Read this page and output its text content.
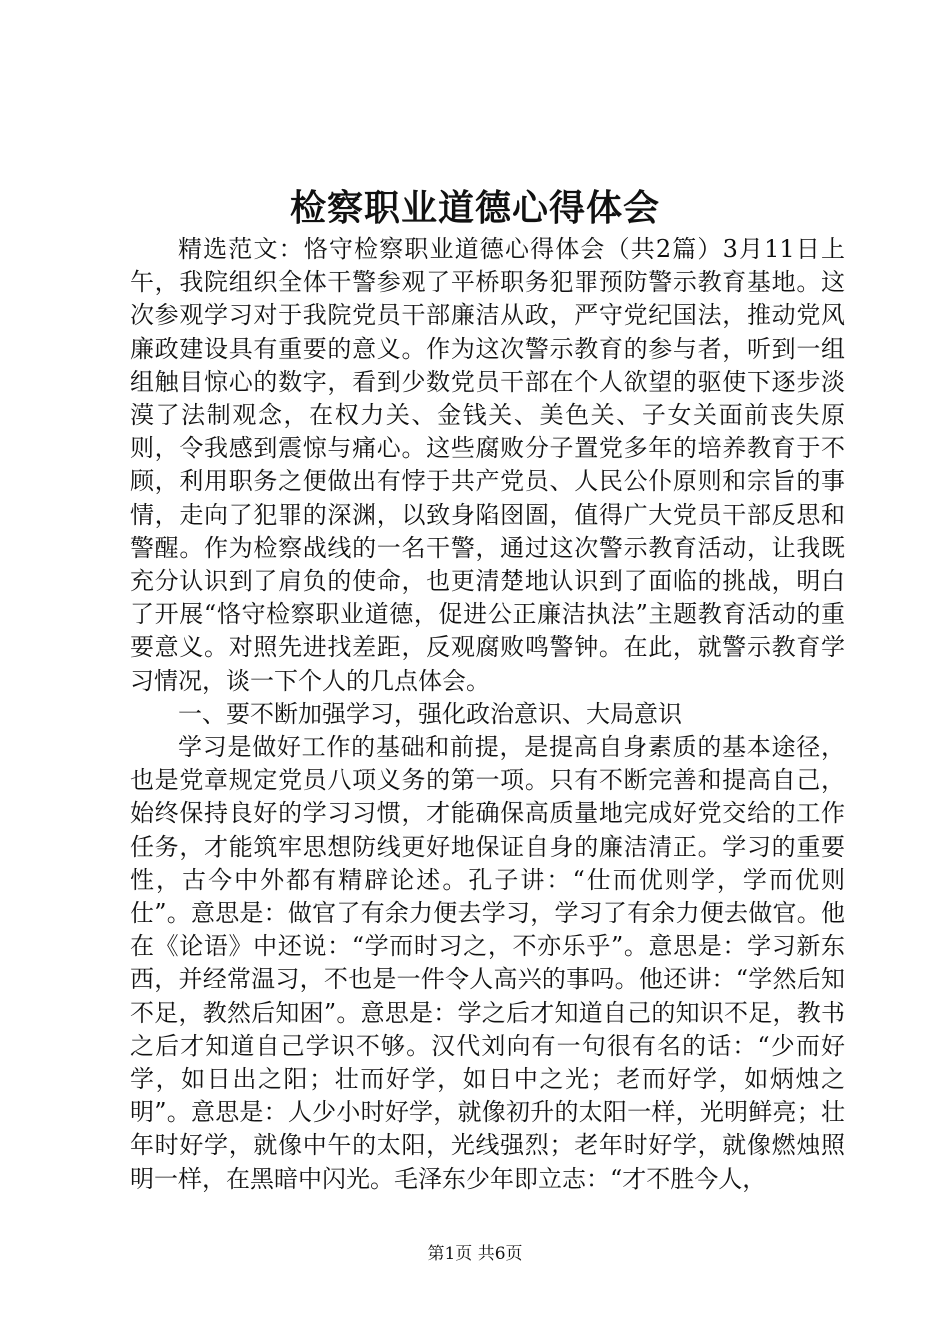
检察职业道德心得体会

精选范文：恪守检察职业道德心得体会（共2篇）3月11日上午，我院组织全体干警参观了平桥职务犯罪预防警示教育基地。这次参观学习对于我院党员干部廉洁从政，严守党纪国法，推动党风廉政建设具有重要的意义。作为这次警示教育的参与者，听到一组组触目惊心的数字，看到少数党员干部在个人欲望的驱使下逐步淡漠了法制观念，在权力关、金钱关、美色关、子女关面前丧失原则，令我感到震惊与痛心。这些腐败分子置党多年的培养教育于不顾，利用职务之便做出有悖于共产党员、人民公仆原则和宗旨的事情，走向了犯罪的深渊，以致身陷囹圄，值得广大党员干部反思和警醒。作为检察战线的一名干警，通过这次警示教育活动，让我既充分认识到了肩负的使命，也更清楚地认识到了面临的挑战，明白了开展“恪守检察职业道德，促进公正廉洁执法”主题教育活动的重要意义。对照先进找差距，反观腐败鸣警钟。在此，就警示教育学习情况，谈一下个人的几点体会。

一、要不断加强学习，强化政治意识、大局意识

学习是做好工作的基础和前提，是提高自身素质的基本途径，也是党章规定党员八项义务的第一项。只有不断完善和提高自己，始终保持良好的学习习惯，才能确保高质量地完成好党交给的工作任务，才能筑牢思想防线更好地保证自身的廉洁清正。学习的重要性，古今中外都有精辟论述。孔子讲：“仕而优则学，学而优则仕”。意思是：做官了有余力便去学习，学习了有余力便去做官。他在《论语》中还说：“学而时习之，不亦乐乎”。意思是：学习新东西，并经常温习，不也是一件令人高兴的事吗。他还讲：“学然后知不足，教然后知困”。意思是：学之后才知道自己的知识不足，教书之后才知道自己学识不够。汉代刘向有一句很有名的话：“少而好学，如日出之阳；壮而好学，如日中之光；老而好学，如炳烛之明”。意思是：人少小时好学，就像初升的太阳一样，光明鲜亮；壮年时好学，就像中午的太阳，光线强烈；老年时好学，就像燃烛照明一样，在黑暗中闪光。毛泽东少年即立志：“才不胜今人，

第1页 共6页
